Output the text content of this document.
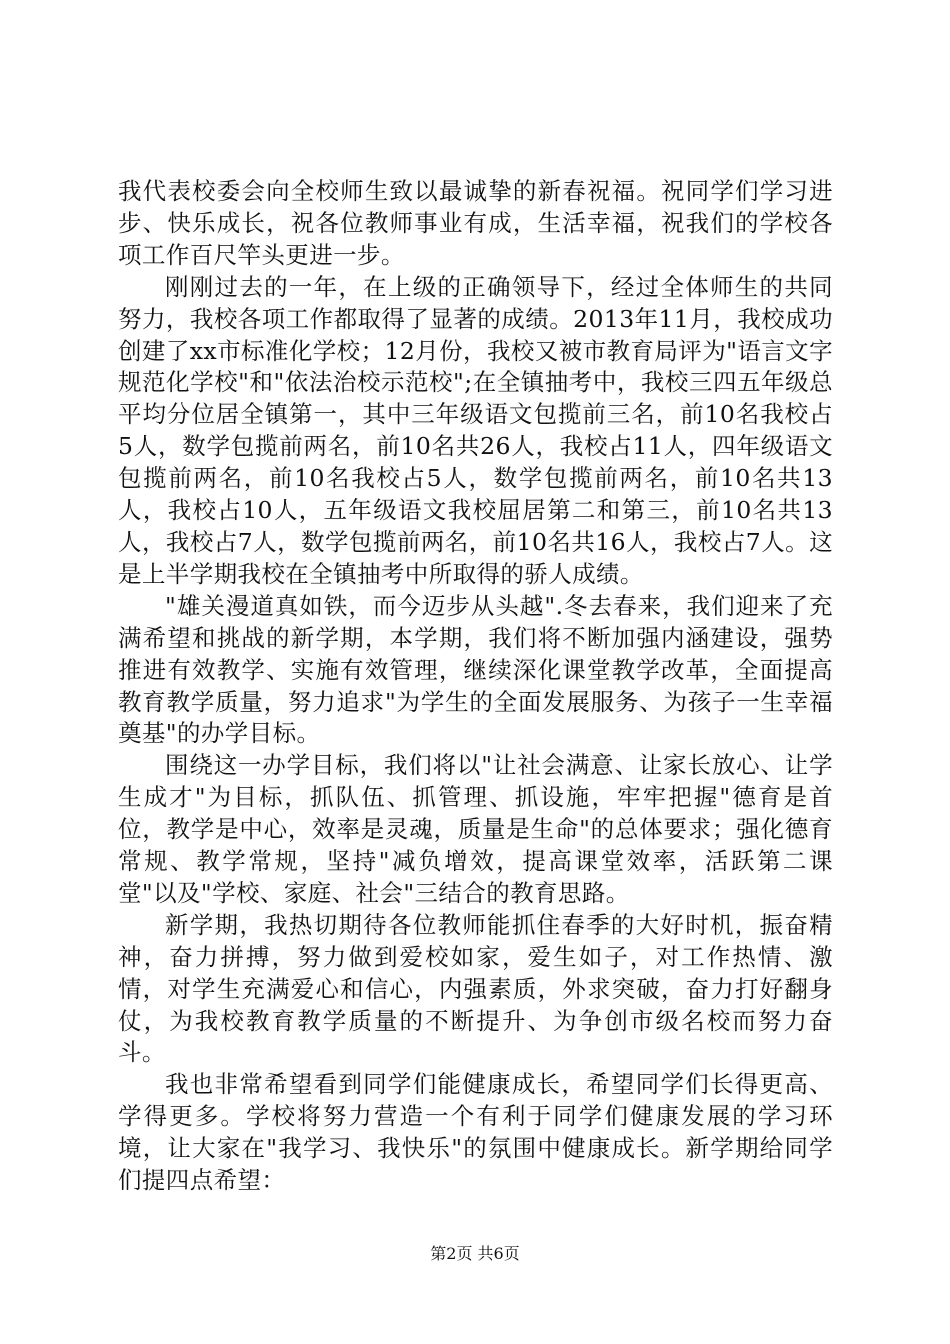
我代表校委会向全校师生致以最诚挚的新春祝福。祝同学们学习进步、快乐成长，祝各位教师事业有成，生活幸福，祝我们的学校各项工作百尺竿头更进一步。

刚刚过去的一年，在上级的正确领导下，经过全体师生的共同努力，我校各项工作都取得了显著的成绩。2013年11月，我校成功创建了xx市标准化学校；12月份，我校又被市教育局评为"语言文字规范化学校"和"依法治校示范校";在全镇抽考中，我校三四五年级总平均分位居全镇第一，其中三年级语文包揽前三名，前10名我校占5人，数学包揽前两名，前10名共26人，我校占11人，四年级语文包揽前两名，前10名我校占5人，数学包揽前两名，前10名共13人，我校占10人，五年级语文我校屈居第二和第三，前10名共13人，我校占7人，数学包揽前两名，前10名共16人，我校占7人。这是上半学期我校在全镇抽考中所取得的骄人成绩。

"雄关漫道真如铁，而今迈步从头越".冬去春来，我们迎来了充满希望和挑战的新学期，本学期，我们将不断加强内涵建设，强势推进有效教学、实施有效管理，继续深化课堂教学改革，全面提高教育教学质量，努力追求"为学生的全面发展服务、为孩子一生幸福奠基"的办学目标。

围绕这一办学目标，我们将以"让社会满意、让家长放心、让学生成才"为目标，抓队伍、抓管理、抓设施，牢牢把握"德育是首位，教学是中心，效率是灵魂，质量是生命"的总体要求；强化德育常规、教学常规，坚持"减负增效，提高课堂效率，活跃第二课堂"以及"学校、家庭、社会"三结合的教育思路。

新学期，我热切期待各位教师能抓住春季的大好时机，振奋精神，奋力拼搏，努力做到爱校如家，爱生如子，对工作热情、激情，对学生充满爱心和信心，内强素质，外求突破，奋力打好翻身仗，为我校教育教学质量的不断提升、为争创市级名校而努力奋斗。

我也非常希望看到同学们能健康成长，希望同学们长得更高、学得更多。学校将努力营造一个有利于同学们健康发展的学习环境，让大家在"我学习、我快乐"的氛围中健康成长。新学期给同学们提四点希望：

第2页 共6页
